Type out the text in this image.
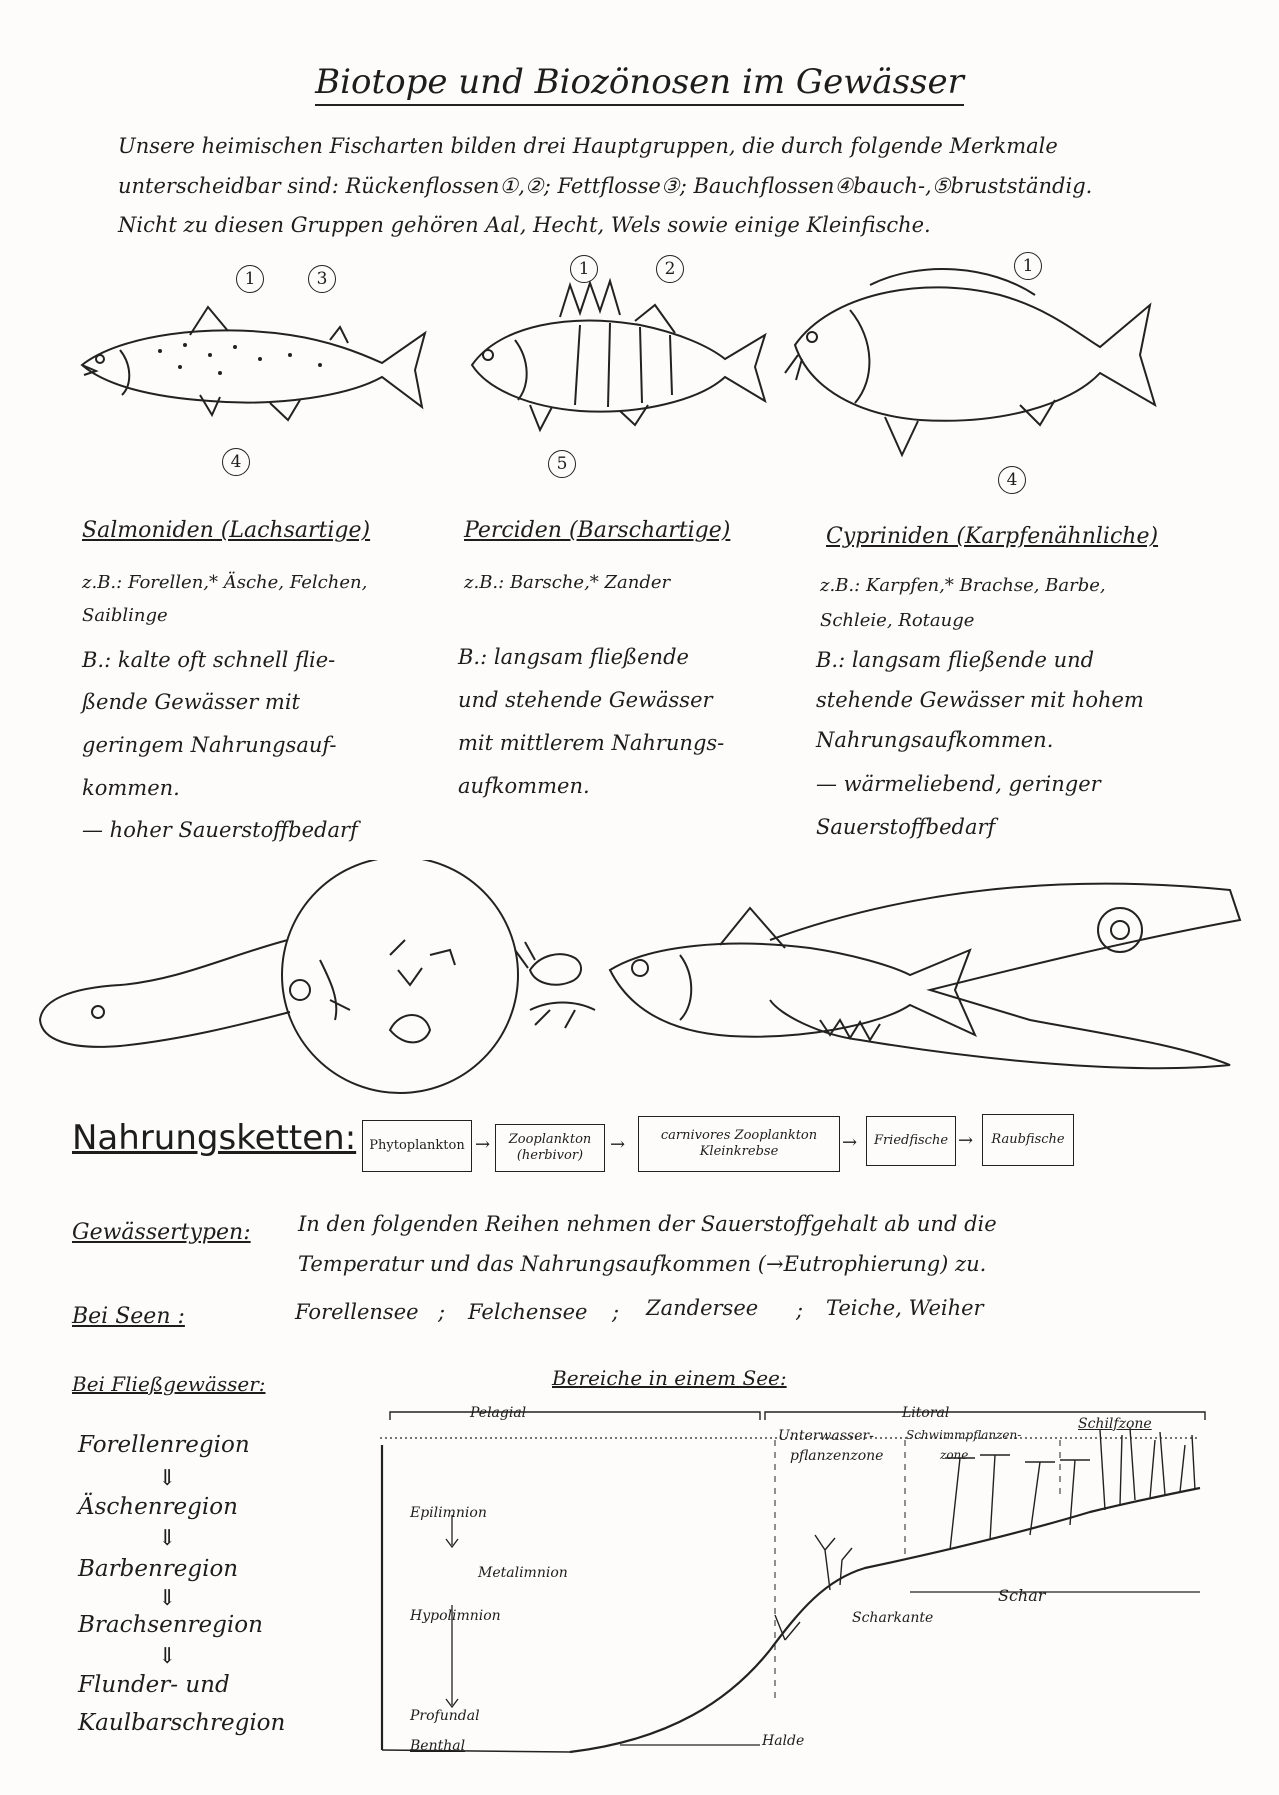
Biotope und Biozönosen im Gewässer
Unsere heimischen Fischarten bilden drei Hauptgruppen, die durch folgende Merkmale
unterscheidbar sind: Rückenflossen①,②; Fettflosse③; Bauchflossen④bauch-,⑤brustständig.
Nicht zu diesen Gruppen gehören Aal, Hecht, Wels sowie einige Kleinfische.
1	3
4
1	2
5
1
4
Salmoniden (Lachsartige)
z.B.: Forellen,* Äsche, Felchen,
Saiblinge
B.: kalte oft schnell flie-
ßende Gewässer mit
geringem Nahrungsauf-
kommen.
— hoher Sauerstoffbedarf
Perciden (Barschartige)
z.B.: Barsche,* Zander
B.: langsam fließende
und stehende Gewässer
mit mittlerem Nahrungs-
aufkommen.
Cypriniden (Karpfenähnliche)
z.B.: Karpfen,* Brachse, Barbe,
Schleie, Rotauge
B.: langsam fließende und
stehende Gewässer mit hohem
Nahrungsaufkommen.
— wärmeliebend, geringer
Sauerstoffbedarf
Nahrungsketten: Phytoplankton → Zooplankton
(herbivor)
→	carnivores Zooplankton
Kleinkrebse	→ Friedfische → Raubfische
Gewässertypen: In den folgenden Reihen nehmen der Sauerstoffgehalt ab und die
Temperatur und das Nahrungsaufkommen (→Eutrophierung) zu.
Bei Seen :	Forellensee ; Felchensee ; Zandersee ; Teiche, Weiher
Bei Fließgewässer:
Forellenregion
⇓
Äschenregion
⇓
Barbenregion
⇓
Brachsenregion
⇓
Flunder- und
Kaulbarschregion
Bereiche in einem See:
Pelagial	Litoral
Unterwasser-
pflanzenzone
Schwimmpflanzen-
zone
Schilfzone
Epilimnion
Metalimnion
Hypolimnion
Profundal
Benthal
Schar
Scharkante
Halde
